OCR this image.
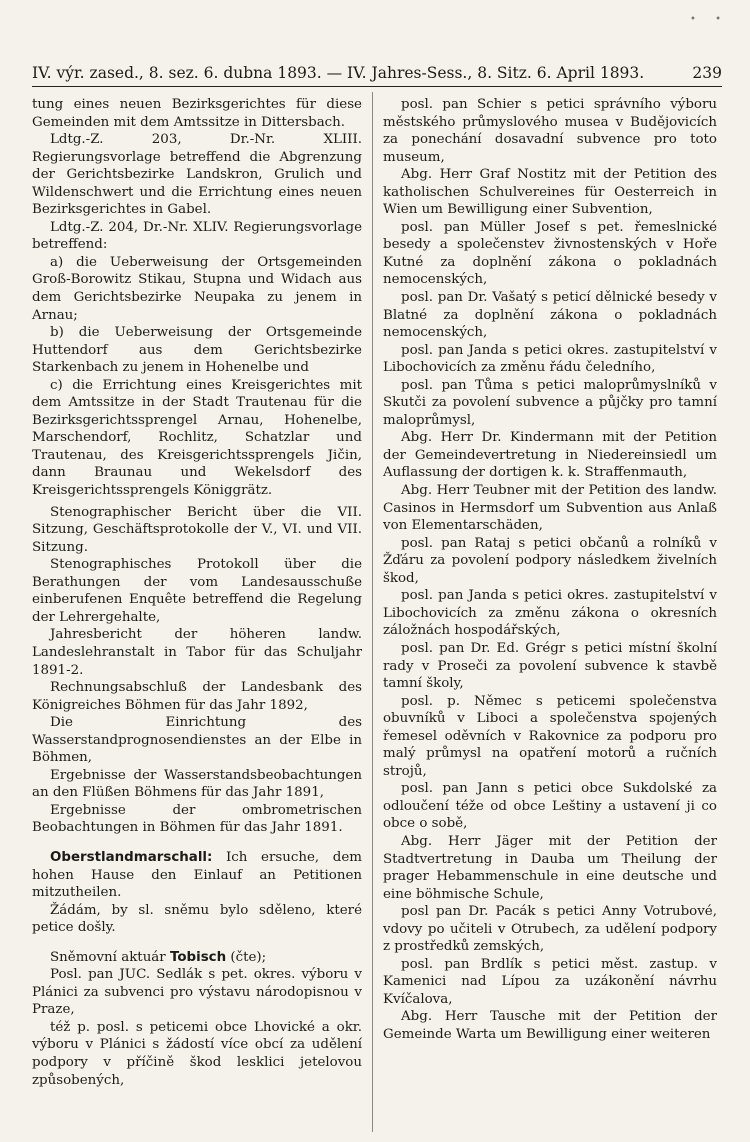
• •
IV. výr. zased., 8. sez. 6. dubna 1893. — IV. Jahres-Sess., 8. Sitz. 6. April 1893.	239

tung eines neuen Bezirksgerichtes für diese Gemeinden mit dem Amtssitze in Dittersbach.

Ldtg.-Z. 203, Dr.-Nr. XLIII. Regierungsvorlage betreffend die Abgrenzung der Gerichtsbezirke Landskron, Grulich und Wildenschwert und die Errichtung eines neuen Bezirksgerichtes in Gabel.

Ldtg.-Z. 204, Dr.-Nr. XLIV. Regierungsvorlage betreffend:

a) die Ueberweisung der Ortsgemeinden Groß-Borowitz Stikau, Stupna und Widach aus dem Gerichtsbezirke Neupaka zu jenem in Arnau;

b) die Ueberweisung der Ortsgemeinde Huttendorf aus dem Gerichtsbezirke Starkenbach zu jenem in Hohenelbe und

c) die Errichtung eines Kreisgerichtes mit dem Amtssitze in der Stadt Trautenau für die Bezirksgerichtssprengel Arnau, Hohenelbe, Marschendorf, Rochlitz, Schatzlar und Trautenau, des Kreisgerichtssprengels Jičin, dann Braunau und Wekelsdorf des Kreisgerichtssprengels Königgrätz.

Stenographischer Bericht über die VII. Sitzung, Geschäftsprotokolle der V., VI. und VII. Sitzung.

Stenographisches Protokoll über die Berathungen der vom Landesausschuße einberufenen Enquête betreffend die Regelung der Lehrergehalte,

Jahresbericht der höheren landw. Landeslehranstalt in Tabor für das Schuljahr 1891-2.

Rechnungsabschluß der Landesbank des Königreiches Böhmen für das Jahr 1892,

Die Einrichtung des Wasserstandprognosendienstes an der Elbe in Böhmen,

Ergebnisse der Wasserstandsbeobachtungen an den Flüßen Böhmens für das Jahr 1891,

Ergebnisse der ombrometrischen Beobachtungen in Böhmen für das Jahr 1891.

Oberstlandmarschall: Ich ersuche, dem hohen Hause den Einlauf an Petitionen mitzutheilen.

Žádám, by sl. sněmu bylo sděleno, které petice došly.

Sněmovní aktuár Tobisch (čte);

Posl. pan JUC. Sedlák s pet. okres. výboru v Plánici za subvenci pro výstavu národopisnou v Praze,

též p. posl. s peticemi obce Lhovické a okr. výboru v Plánici s žádostí více obcí za udělení podpory v příčině škod lesklici jetelovou způsobených,

posl. pan Schier s petici správního výboru městského průmyslového musea v Budějovicích za ponechání dosavadní subvence pro toto museum,

Abg. Herr Graf Nostitz mit der Petition des katholischen Schulvereines für Oesterreich in Wien um Bewilligung einer Subvention,

posl. pan Müller Josef s pet. řemeslnické besedy a společenstev živnostenských v Hoře Kutné za doplnění zákona o pokladnách nemocenských,

posl. pan Dr. Vašatý s peticí dělnické besedy v Blatné za doplnění zákona o pokladnách nemocenských,

posl. pan Janda s petici okres. zastupitelství v Libochovicích za změnu řádu čeledního,

posl. pan Tůma s petici maloprůmyslníků v Skutči za povolení subvence a půjčky pro tamní maloprůmysl,

Abg. Herr Dr. Kindermann mit der Petition der Gemeindevertretung in Niedereinsiedl um Auflassung der dortigen k. k. Straffenmauth,

Abg. Herr Teubner mit der Petition des landw. Casinos in Hermsdorf um Subvention aus Anlaß von Elementarschäden,

posl. pan Rataj s petici občanů a rolníků v Žďáru za povolení podpory následkem živelních škod,

posl. pan Janda s petici okres. zastupitelství v Libochovicích za změnu zákona o okresních záložnách hospodářských,

posl. pan Dr. Ed. Grégr s petici místní školní rady v Proseči za povolení subvence k stavbě tamní školy,

posl. p. Němec s peticemi společenstva obuvníků v Liboci a společenstva spojených řemesel oděvních v Rakovnice za podporu pro malý průmysl na opatření motorů a ručních strojů,

posl. pan Jann s petici obce Sukdolské za odloučení téže od obce Leštiny a ustavení ji co obce o sobě,

Abg. Herr Jäger mit der Petition der Stadtvertretung in Dauba um Theilung der prager Hebammenschule in eine deutsche und eine böhmische Schule,

posl pan Dr. Pacák s petici Anny Votrubové, vdovy po učiteli v Otrubech, za udělení podpory z prostředků zemských,

posl. pan Brdlík s petici měst. zastup. v Kamenici nad Lípou za uzákonění návrhu Kvíčalova,

Abg. Herr Tausche mit der Petition der Gemeinde Warta um Bewilligung einer weiteren
